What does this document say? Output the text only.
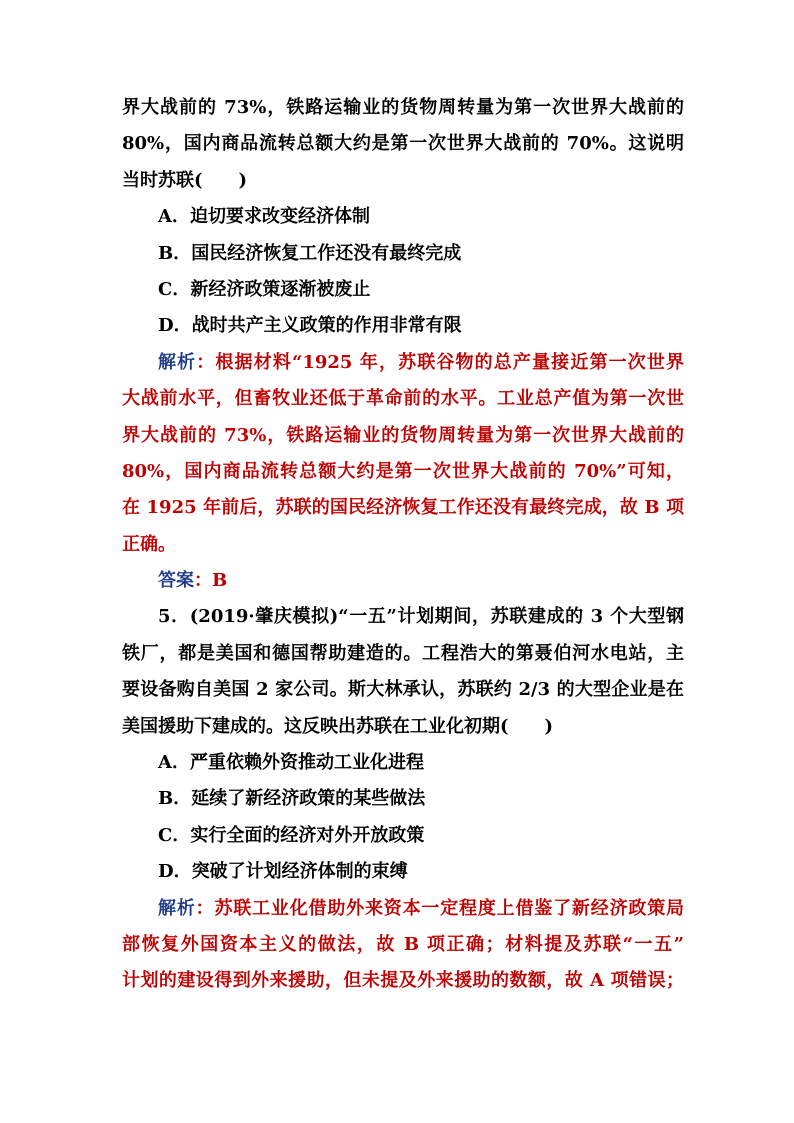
界大战前的 73%，铁路运输业的货物周转量为第一次世界大战前的
80%，国内商品流转总额大约是第一次世界大战前的 70%。这说明
当时苏联(　　)
A．迫切要求改变经济体制
B．国民经济恢复工作还没有最终完成
C．新经济政策逐渐被废止
D．战时共产主义政策的作用非常有限
解析：根据材料“1925 年，苏联谷物的总产量接近第一次世界
大战前水平，但畜牧业还低于革命前的水平。工业总产值为第一次世
界大战前的 73%，铁路运输业的货物周转量为第一次世界大战前的
80%，国内商品流转总额大约是第一次世界大战前的 70%”可知，
在 1925 年前后，苏联的国民经济恢复工作还没有最终完成，故 B 项
正确。
答案：B
5．(2019·肇庆模拟)“一五”计划期间，苏联建成的 3 个大型钢
铁厂，都是美国和德国帮助建造的。工程浩大的第聂伯河水电站，主
要设备购自美国 2 家公司。斯大林承认，苏联约 2/3 的大型企业是在
美国援助下建成的。这反映出苏联在工业化初期(　　)
A．严重依赖外资推动工业化进程
B．延续了新经济政策的某些做法
C．实行全面的经济对外开放政策
D．突破了计划经济体制的束缚
解析：苏联工业化借助外来资本一定程度上借鉴了新经济政策局
部恢复外国资本主义的做法，故 B 项正确；材料提及苏联“一五”
计划的建设得到外来援助，但未提及外来援助的数额，故 A 项错误；
